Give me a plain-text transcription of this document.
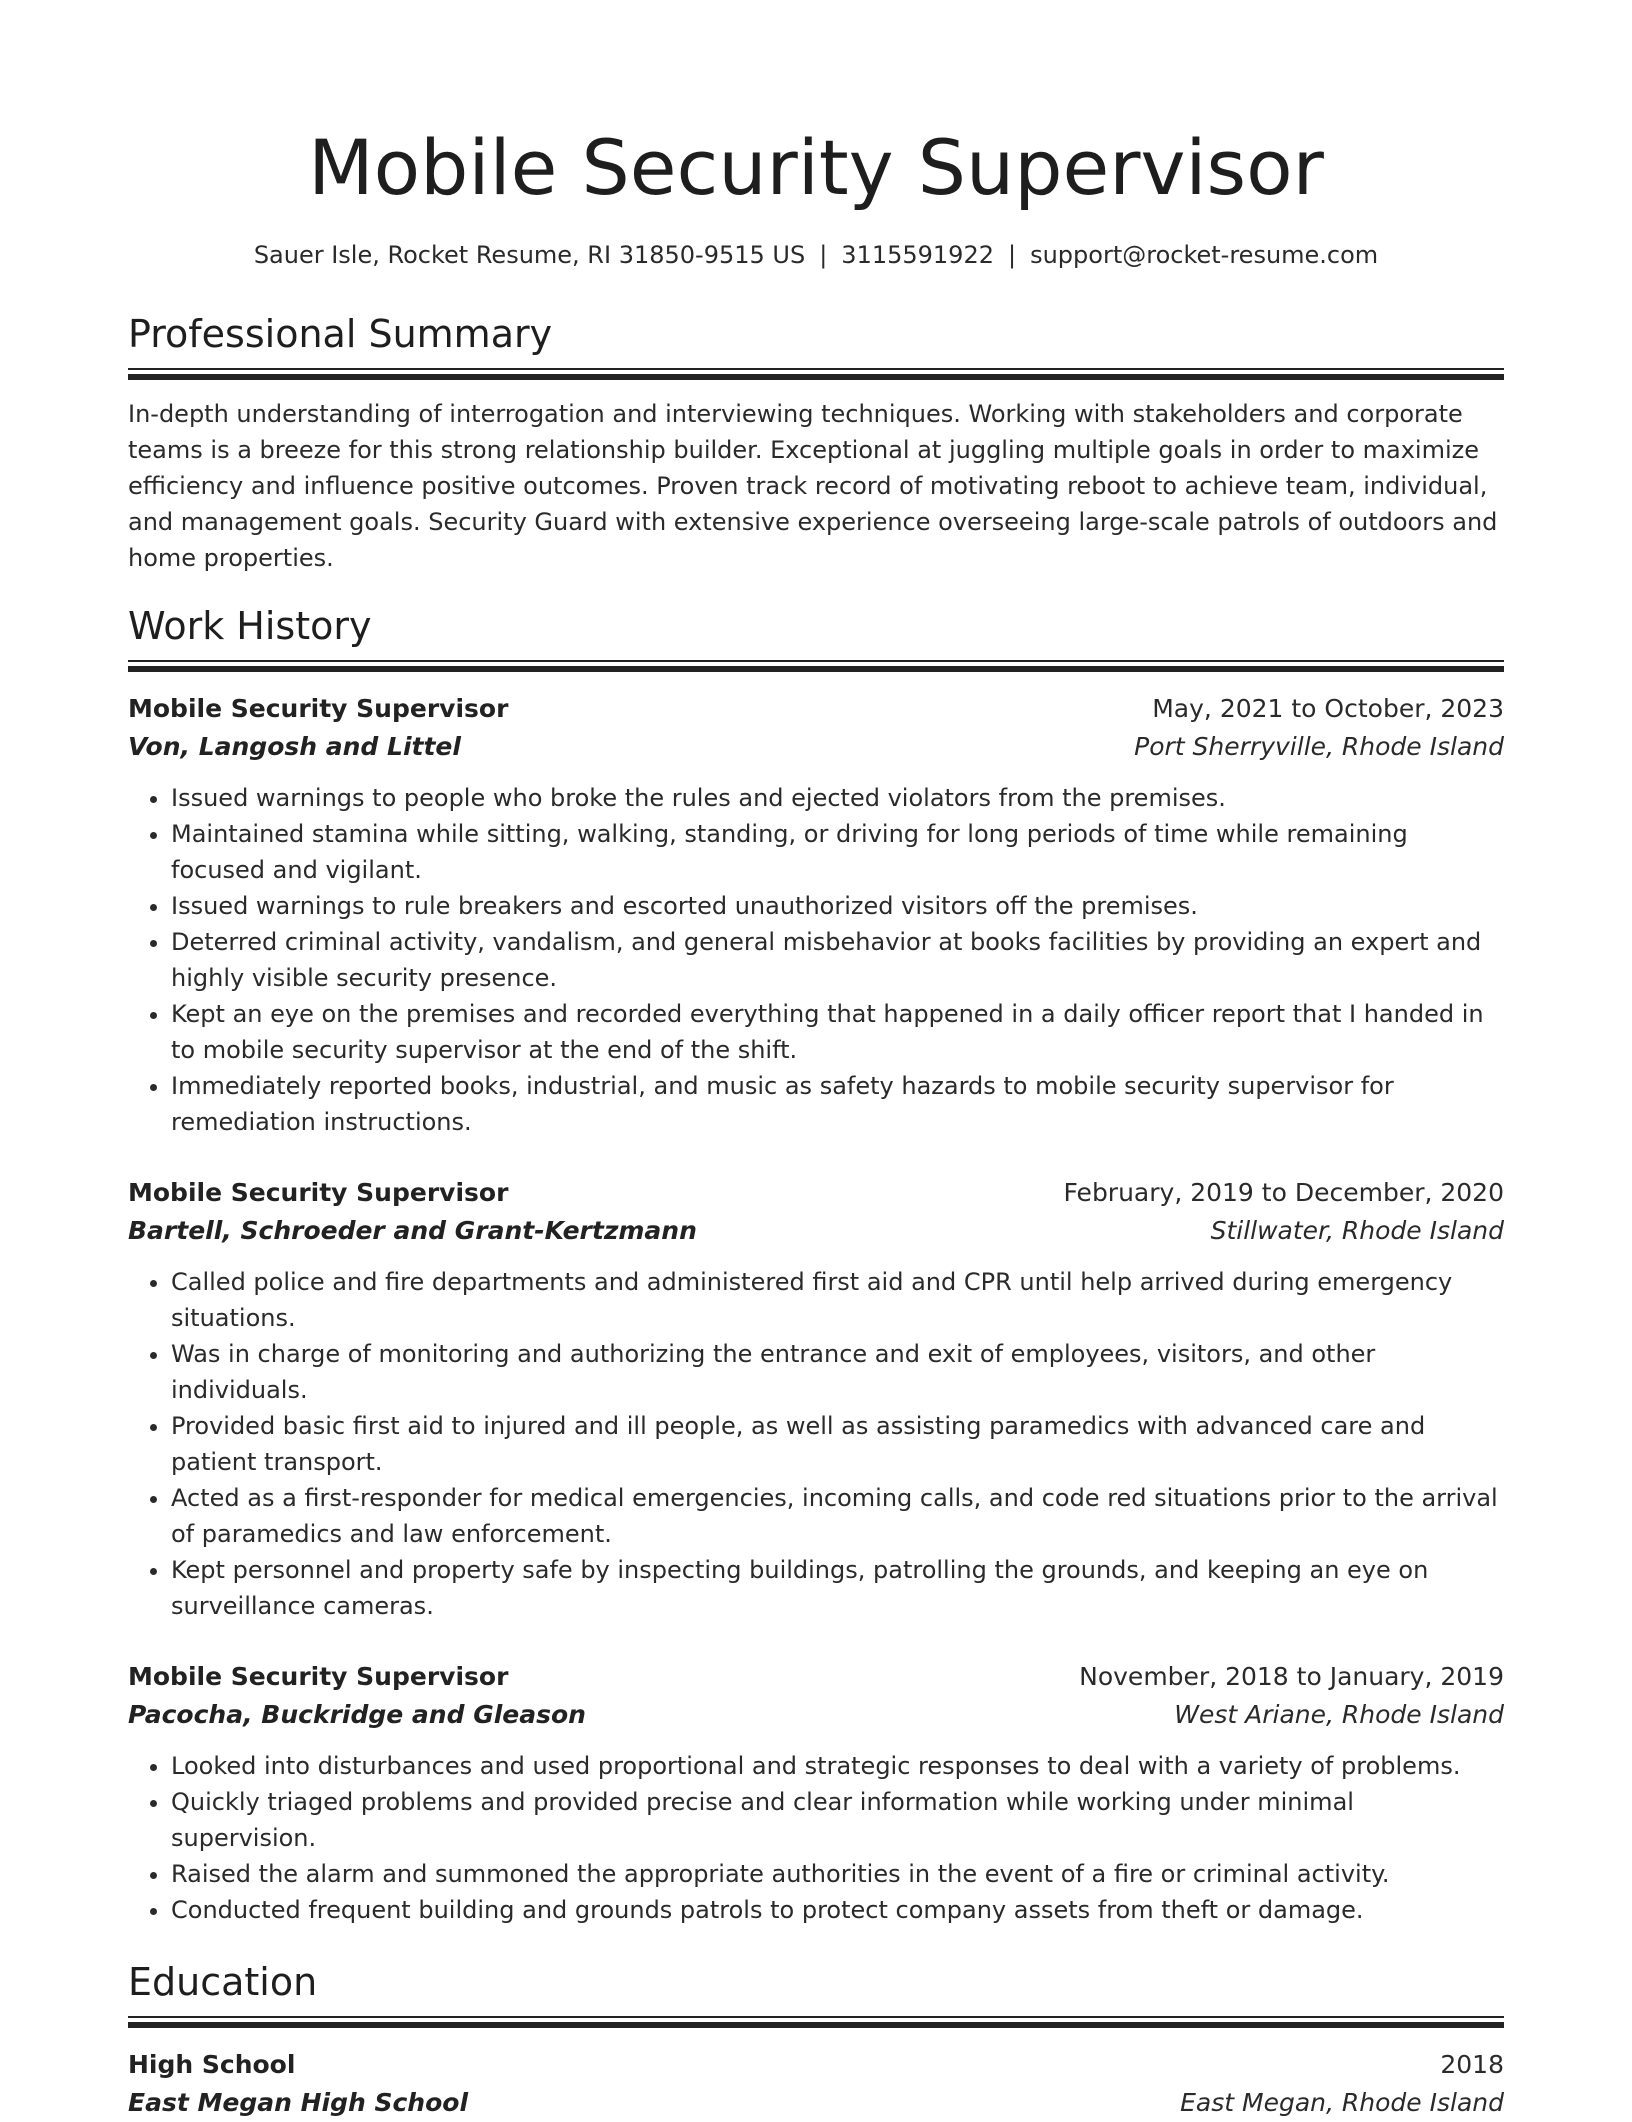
Mobile Security Supervisor
Sauer Isle, Rocket Resume, RI 31850-9515 US | 3115591922 | support@rocket-resume.com
Professional Summary

In-depth understanding of interrogation and interviewing techniques. Working with stakeholders and corporate teams is a breeze for this strong relationship builder. Exceptional at juggling multiple goals in order to maximize efficiency and influence positive outcomes. Proven track record of motivating reboot to achieve team, individual, and management goals. Security Guard with extensive experience overseeing large-scale patrols of outdoors and home properties.

Work History
Mobile Security Supervisor	May, 2021 to October, 2023
Von, Langosh and Littel	Port Sherryville, Rhode Island
• Issued warnings to people who broke the rules and ejected violators from the premises.
• Maintained stamina while sitting, walking, standing, or driving for long periods of time while remaining focused and vigilant.
• Issued warnings to rule breakers and escorted unauthorized visitors off the premises.
• Deterred criminal activity, vandalism, and general misbehavior at books facilities by providing an expert and highly visible security presence.
• Kept an eye on the premises and recorded everything that happened in a daily officer report that I handed in to mobile security supervisor at the end of the shift.
• Immediately reported books, industrial, and music as safety hazards to mobile security supervisor for remediation instructions.
Mobile Security Supervisor	February, 2019 to December, 2020
Bartell, Schroeder and Grant-Kertzmann	Stillwater, Rhode Island
• Called police and fire departments and administered first aid and CPR until help arrived during emergency situations.
• Was in charge of monitoring and authorizing the entrance and exit of employees, visitors, and other individuals.
• Provided basic first aid to injured and ill people, as well as assisting paramedics with advanced care and patient transport.
• Acted as a first-responder for medical emergencies, incoming calls, and code red situations prior to the arrival of paramedics and law enforcement.
• Kept personnel and property safe by inspecting buildings, patrolling the grounds, and keeping an eye on surveillance cameras.
Mobile Security Supervisor	November, 2018 to January, 2019
Pacocha, Buckridge and Gleason	West Ariane, Rhode Island
• Looked into disturbances and used proportional and strategic responses to deal with a variety of problems.
• Quickly triaged problems and provided precise and clear information while working under minimal supervision.
• Raised the alarm and summoned the appropriate authorities in the event of a fire or criminal activity.
• Conducted frequent building and grounds patrols to protect company assets from theft or damage.
Education
High School	2018
East Megan High School	East Megan, Rhode Island
